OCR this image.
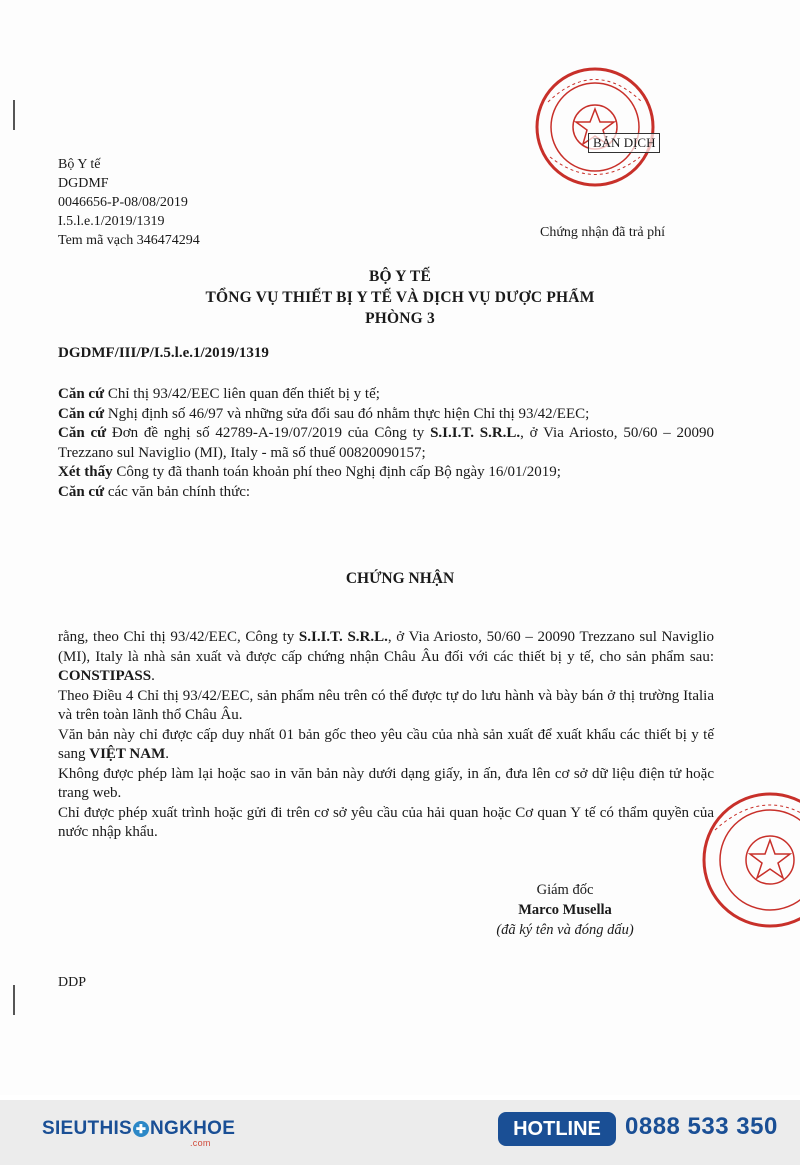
BẢN DỊCH
Bộ Y tế
DGDMF
0046656-P-08/08/2019
I.5.l.e.1/2019/1319
Tem mã vạch 346474294
Chứng nhận đã trả phí
BỘ Y TẾ
TỔNG VỤ THIẾT BỊ Y TẾ VÀ DỊCH VỤ DƯỢC PHẨM
PHÒNG 3
DGDMF/III/P/I.5.l.e.1/2019/1319

Căn cứ Chỉ thị 93/42/EEC liên quan đến thiết bị y tế;

Căn cứ Nghị định số 46/97 và những sửa đổi sau đó nhằm thực hiện Chỉ thị 93/42/EEC;

Căn cứ Đơn đề nghị số 42789-A-19/07/2019 của Công ty S.I.I.T. S.R.L., ở Via Ariosto, 50/60 – 20090 Trezzano sul Naviglio (MI), Italy - mã số thuế 00820090157;

Xét thấy Công ty đã thanh toán khoản phí theo Nghị định cấp Bộ ngày 16/01/2019;

Căn cứ các văn bản chính thức:

CHỨNG NHẬN

rằng, theo Chỉ thị 93/42/EEC, Công ty S.I.I.T. S.R.L., ở Via Ariosto, 50/60 – 20090 Trezzano sul Naviglio (MI), Italy là nhà sản xuất và được cấp chứng nhận Châu Âu đối với các thiết bị y tế, cho sản phẩm sau: CONSTIPASS.

Theo Điều 4 Chỉ thị 93/42/EEC, sản phẩm nêu trên có thể được tự do lưu hành và bày bán ở thị trường Italia và trên toàn lãnh thổ Châu Âu.

Văn bản này chỉ được cấp duy nhất 01 bản gốc theo yêu cầu của nhà sản xuất để xuất khẩu các thiết bị y tế sang VIỆT NAM.

Không được phép làm lại hoặc sao in văn bản này dưới dạng giấy, in ấn, đưa lên cơ sở dữ liệu điện tử hoặc trang web.

Chỉ được phép xuất trình hoặc gửi đi trên cơ sở yêu cầu của hải quan hoặc Cơ quan Y tế có thẩm quyền của nước nhập khẩu.

Giám đốc
Marco Musella
(đã ký tên và đóng dấu)
DDP
SIEUTHIS ✚ NGKHOE
.com
HOTLINE	0888 533 350
